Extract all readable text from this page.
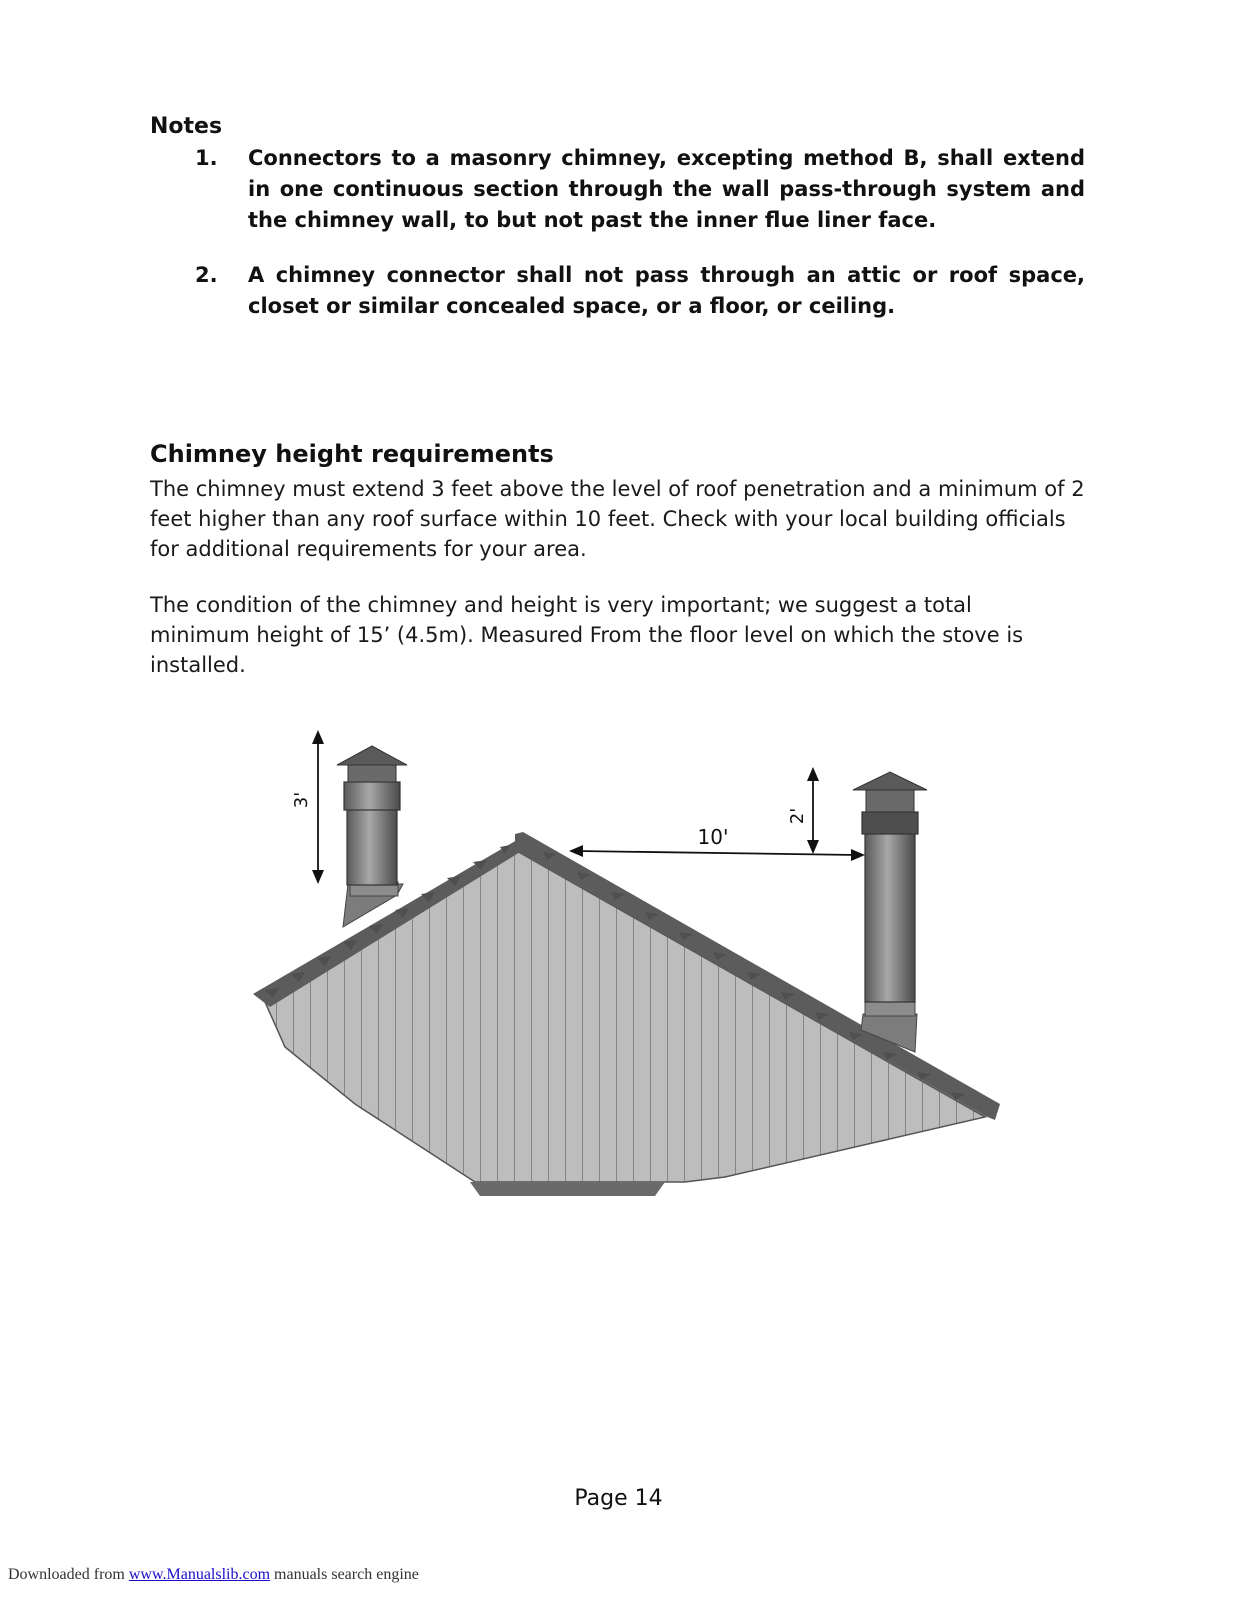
Notes
1. Connectors to a masonry chimney, excepting method B, shall extend in one continuous section through the wall pass-through system and the chimney wall, to but not past the inner flue liner face.
2. A chimney connector shall not pass through an attic or roof space, closet or similar concealed space, or a floor, or ceiling.
Chimney height requirements
The chimney must extend 3 feet above the level of roof penetration and a minimum of 2 feet higher than any roof surface within 10 feet. Check with your local building officials for additional requirements for your area.
The condition of the chimney and height is very important; we suggest a total minimum height of 15’ (4.5m). Measured From the floor level on which the stove is installed.
3'
2'
10'
Page 14
Downloaded from www.Manualslib.com manuals search engine
